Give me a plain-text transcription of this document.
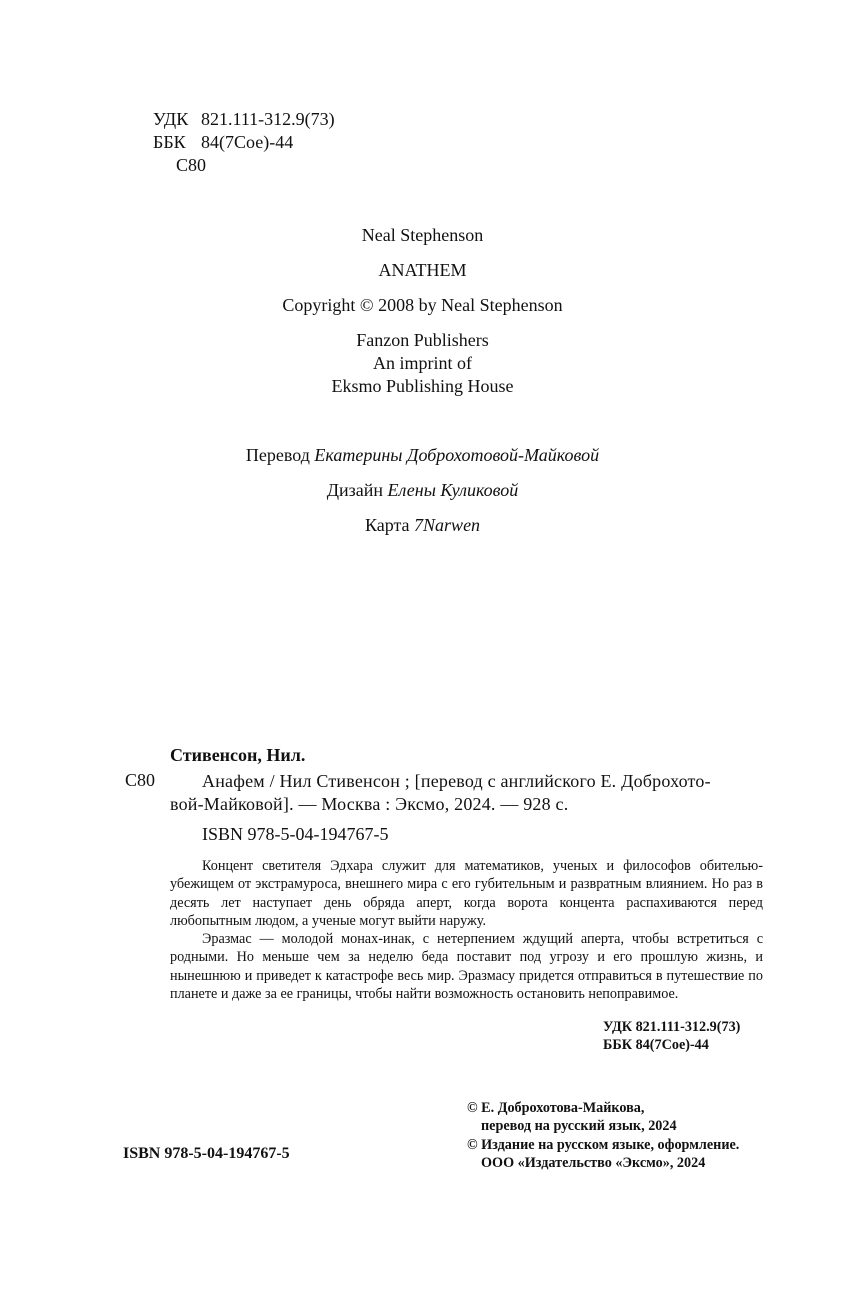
УДК 821.111-312.9(73)
ББК 84(7Сое)-44
С80
Neal Stephenson
ANATHEM
Copyright © 2008 by Neal Stephenson
Fanzon Publishers
An imprint of
Eksmo Publishing House
Перевод Екатерины Доброхотовой-Майковой
Дизайн Елены Куликовой
Карта 7Narwen
Стивенсон, Нил.
С80	Анафем / Нил Стивенсон ; [перевод с английского Е. Доброхото-
вой-Майковой]. — Москва : Эксмо, 2024. — 928 с.
ISBN 978-5-04-194767-5

Концент светителя Эдхара служит для математиков, ученых и философов обителью-убежищем от экстрамуроса, внешнего мира с его губительным и развратным влиянием. Но раз в десять лет наступает день обряда аперт, когда ворота концента распахиваются перед любопытным людом, а ученые могут выйти наружу.

Эразмас — молодой монах-инак, с нетерпением ждущий аперта, чтобы встретиться с родными. Но меньше чем за неделю беда поставит под угрозу и его прошлую жизнь, и нынешнюю и приведет к катастрофе весь мир. Эразмасу придется отправиться в путешествие по планете и даже за ее границы, чтобы найти возможность остановить непоправимое.

УДК 821.111-312.9(73)
ББК 84(7Сое)-44
© Е. Доброхотова-Майкова,
перевод на русский язык, 2024
© Издание на русском языке, оформление.
ООО «Издательство «Эксмо», 2024
ISBN 978-5-04-194767-5
